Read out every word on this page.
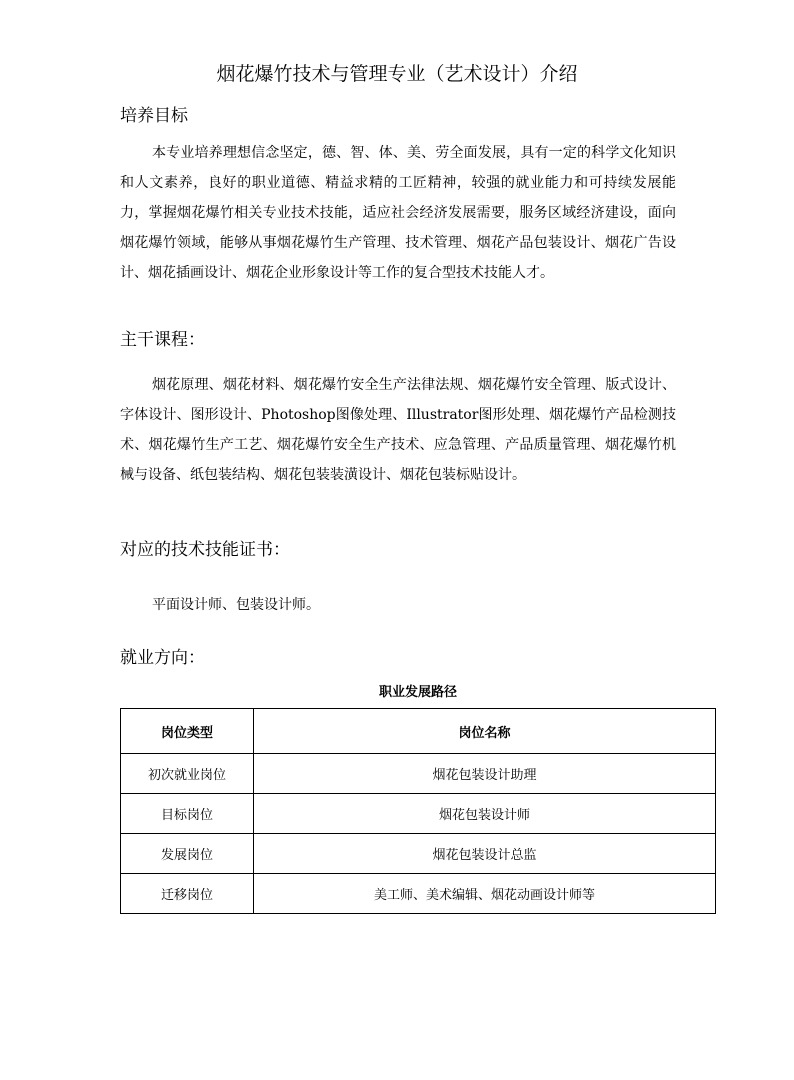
烟花爆竹技术与管理专业（艺术设计）介绍
培养目标
本专业培养理想信念坚定，德、智、体、美、劳全面发展，具有一定的科学文化知识和人文素养，良好的职业道德、精益求精的工匠精神，较强的就业能力和可持续发展能力，掌握烟花爆竹相关专业技术技能，适应社会经济发展需要，服务区域经济建设，面向烟花爆竹领域，能够从事烟花爆竹生产管理、技术管理、烟花产品包装设计、烟花广告设计、烟花插画设计、烟花企业形象设计等工作的复合型技术技能人才。
主干课程：
烟花原理、烟花材料、烟花爆竹安全生产法律法规、烟花爆竹安全管理、版式设计、字体设计、图形设计、Photoshop图像处理、Illustrator图形处理、烟花爆竹产品检测技术、烟花爆竹生产工艺、烟花爆竹安全生产技术、应急管理、产品质量管理、烟花爆竹机械与设备、纸包装结构、烟花包装装潢设计、烟花包装标贴设计。
对应的技术技能证书：
平面设计师、包装设计师。
就业方向：
职业发展路径
岗位类型	岗位名称
初次就业岗位	烟花包装设计助理
目标岗位	烟花包装设计师
发展岗位	烟花包装设计总监
迁移岗位	美工师、美术编辑、烟花动画设计师等
